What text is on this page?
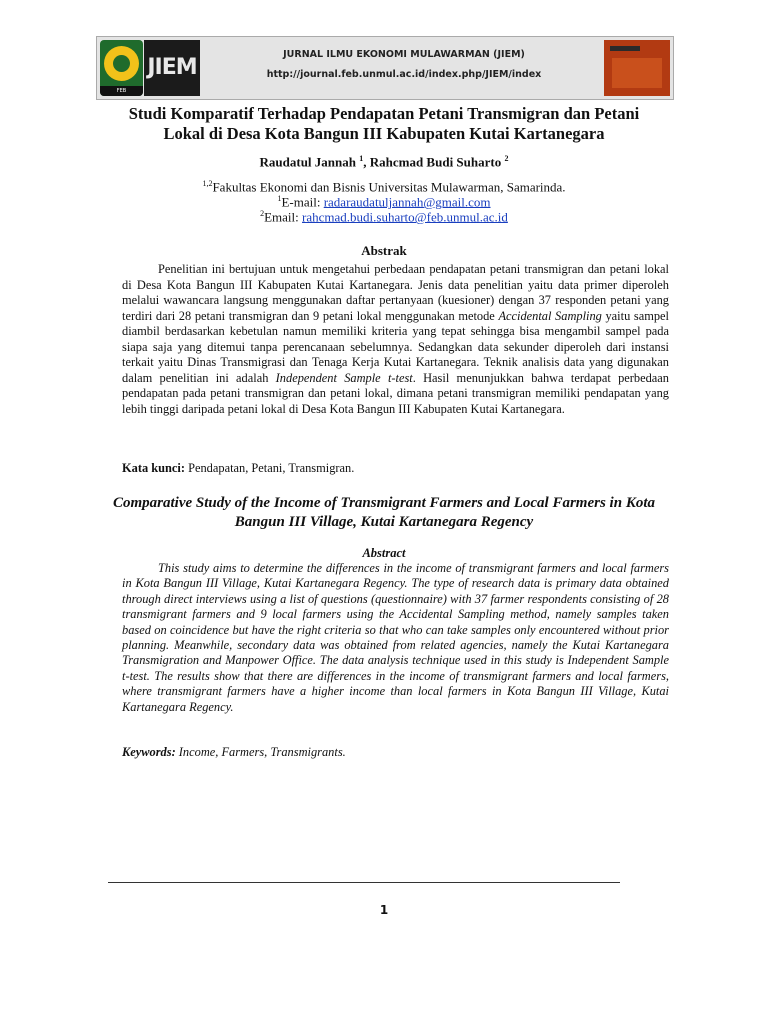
FEB
JIEM
JURNAL ILMU EKONOMI MULAWARMAN (JIEM)
http://journal.feb.unmul.ac.id/index.php/JIEM/index
Studi Komparatif Terhadap Pendapatan Petani Transmigran dan Petani Lokal di Desa Kota Bangun III Kabupaten Kutai Kartanegara
Raudatul Jannah $^1$, Rahcmad Budi Suharto $^2$
$^{1,2}$Fakultas Ekonomi dan Bisnis Universitas Mulawarman, Samarinda.
$^1$E-mail: radaraudatuljannah@gmail.com
$^2$Email: rahcmad.budi.suharto@feb.unmul.ac.id
Abstrak
Penelitian ini bertujuan untuk mengetahui perbedaan pendapatan petani transmigran dan petani lokal di Desa Kota Bangun III Kabupaten Kutai Kartanegara. Jenis data penelitian yaitu data primer diperoleh melalui wawancara langsung menggunakan daftar pertanyaan (kuesioner) dengan 37 responden petani yang terdiri dari 28 petani transmigran dan 9 petani lokal menggunakan metode Accidental Sampling yaitu sampel diambil berdasarkan kebetulan namun memiliki kriteria yang tepat sehingga bisa mengambil sampel pada siapa saja yang ditemui tanpa perencanaan sebelumnya. Sedangkan data sekunder diperoleh dari instansi terkait yaitu Dinas Transmigrasi dan Tenaga Kerja Kutai Kartanegara. Teknik analisis data yang digunakan dalam penelitian ini adalah Independent Sample t-test. Hasil menunjukkan bahwa terdapat perbedaan pendapatan pada petani transmigran dan petani lokal, dimana petani transmigran memiliki pendapatan yang lebih tinggi daripada petani lokal di Desa Kota Bangun III Kabupaten Kutai Kartanegara.
Kata kunci: Pendapatan, Petani, Transmigran.
Comparative Study of the Income of Transmigrant Farmers and Local Farmers in Kota Bangun III Village, Kutai Kartanegara Regency
Abstract
This study aims to determine the differences in the income of transmigrant farmers and local farmers in Kota Bangun III Village, Kutai Kartanegara Regency. The type of research data is primary data obtained through direct interviews using a list of questions (questionnaire) with 37 farmer respondents consisting of 28 transmigrant farmers and 9 local farmers using the Accidental Sampling method, namely samples taken based on coincidence but have the right criteria so that who can take samples only encountered without prior planning. Meanwhile, secondary data was obtained from related agencies, namely the Kutai Kartanegara Transmigration and Manpower Office. The data analysis technique used in this study is Independent Sample t-test. The results show that there are differences in the income of transmigrant farmers and local farmers, where transmigrant farmers have a higher income than local farmers in Kota Bangun III Village, Kutai Kartanegara Regency.
Keywords: Income, Farmers, Transmigrants.
1
